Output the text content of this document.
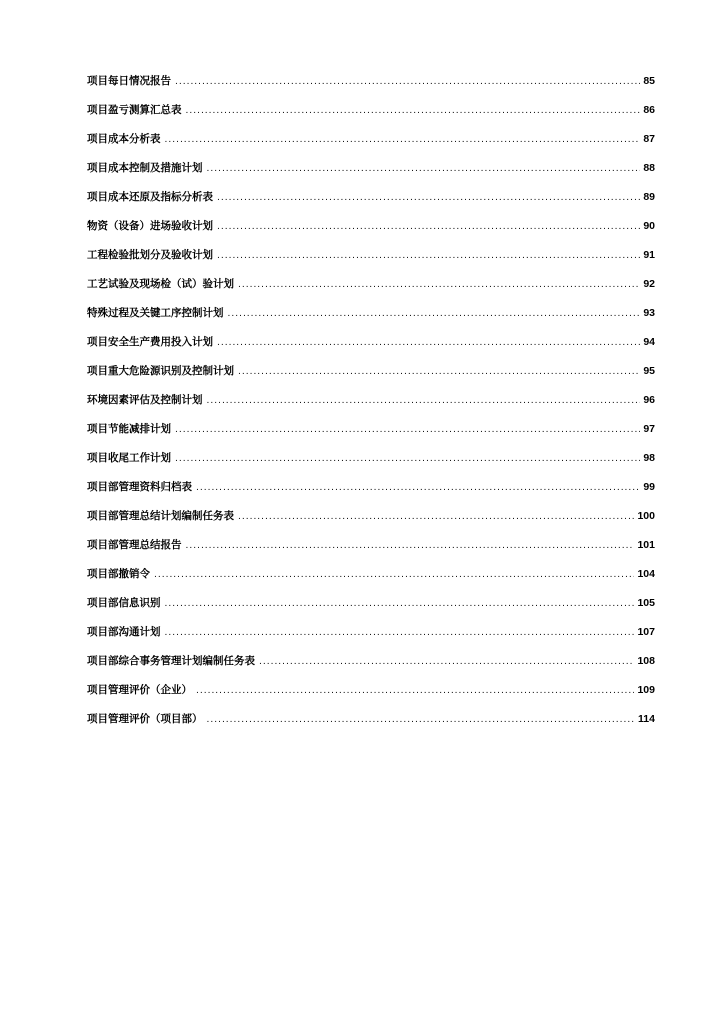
项目每日情况报告 .....	85
项目盈亏测算汇总表 .....	86
项目成本分析表 .....	87
项目成本控制及措施计划 .....	88
项目成本还原及指标分析表 .....	89
物资（设备）进场验收计划 .....	90
工程检验批划分及验收计划 .....	91
工艺试验及现场检（试）验计划 .....	92
特殊过程及关键工序控制计划 .....	93
项目安全生产费用投入计划 .....	94
项目重大危险源识别及控制计划 .....	95
环境因素评估及控制计划 .....	96
项目节能减排计划 .....	97
项目收尾工作计划 .....	98
项目部管理资料归档表 .....	99
项目部管理总结计划编制任务表 .....	100
项目部管理总结报告 .....	101
项目部撤销令 .....	104
项目部信息识别 .....	105
项目部沟通计划 .....	107
项目部综合事务管理计划编制任务表 .....	108
项目管理评价（企业） .....	109
项目管理评价（项目部） .....	114
